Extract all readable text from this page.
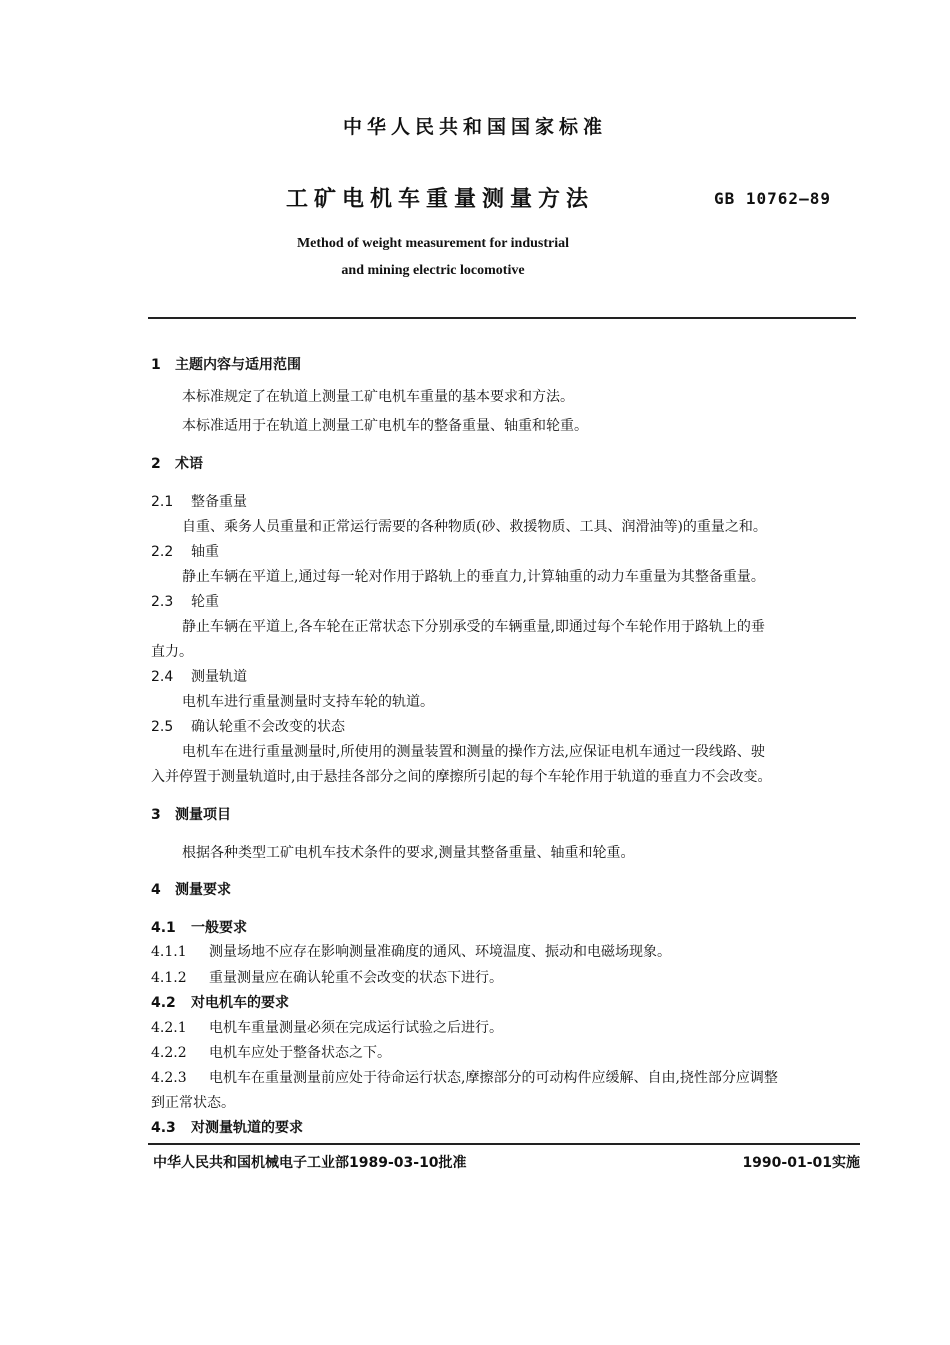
中华人民共和国国家标准
工矿电机车重量测量方法	GB 10762—89
Method of weight measurement for industrial
and mining electric locomotive
1 主题内容与适用范围
本标准规定了在轨道上测量工矿电机车重量的基本要求和方法。
本标准适用于在轨道上测量工矿电机车的整备重量、轴重和轮重。
2 术语
2.1 整备重量
自重、乘务人员重量和正常运行需要的各种物质(砂、救援物质、工具、润滑油等)的重量之和。
2.2 轴重
静止车辆在平道上,通过每一轮对作用于路轨上的垂直力,计算轴重的动力车重量为其整备重量。
2.3 轮重
静止车辆在平道上,各车轮在正常状态下分别承受的车辆重量,即通过每个车轮作用于路轨上的垂
直力。
2.4 测量轨道
电机车进行重量测量时支持车轮的轨道。
2.5 确认轮重不会改变的状态
电机车在进行重量测量时,所使用的测量装置和测量的操作方法,应保证电机车通过一段线路、驶
入并停置于测量轨道时,由于悬挂各部分之间的摩擦所引起的每个车轮作用于轨道的垂直力不会改变。
3 测量项目
根据各种类型工矿电机车技术条件的要求,测量其整备重量、轴重和轮重。
4 测量要求
4.1 一般要求
4.1.1 测量场地不应存在影响测量准确度的通风、环境温度、振动和电磁场现象。
4.1.2 重量测量应在确认轮重不会改变的状态下进行。
4.2 对电机车的要求
4.2.1 电机车重量测量必须在完成运行试验之后进行。
4.2.2 电机车应处于整备状态之下。
4.2.3 电机车在重量测量前应处于待命运行状态,摩擦部分的可动构件应缓解、自由,挠性部分应调整
到正常状态。
4.3 对测量轨道的要求
中华人民共和国机械电子工业部1989-03-10批准	1990-01-01实施
